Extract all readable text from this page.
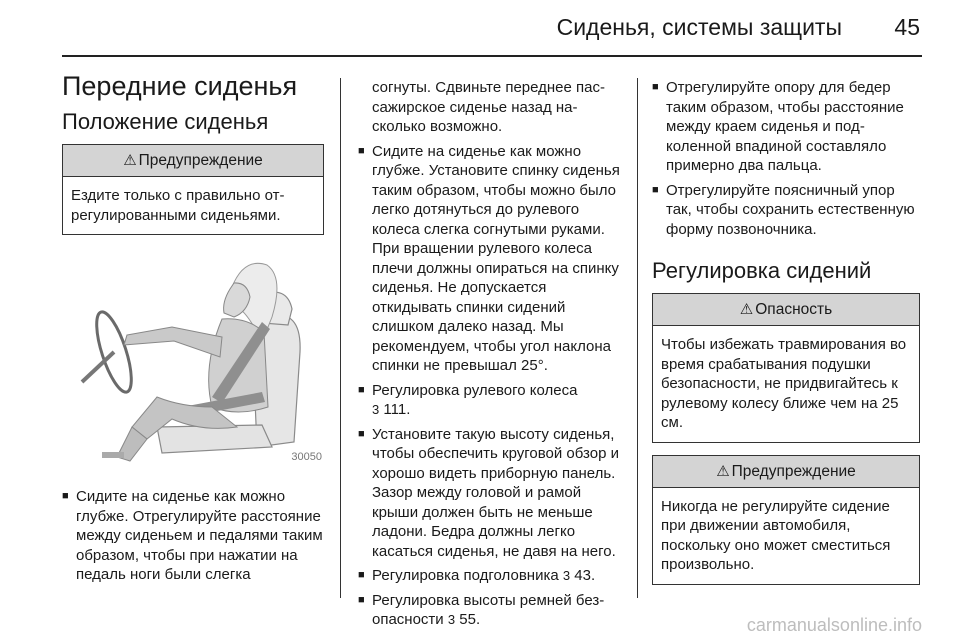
Сиденья, системы защиты 45
Передние сиденья
Положение сиденья
⚠ Предупреждение
Ездите только с правильно отрегулированными сиденьями.
30050
■ Сидите на сиденье как можно глубже. Отрегулируйте расстояние между сиденьем и педалями таким образом, чтобы при нажатии на педаль ноги были слегка
согнуты. Сдвиньте переднее пассажирское сиденье назад насколько возможно.
■ Сидите на сиденье как можно глубже. Установите спинку сиденья таким образом, чтобы можно было легко дотянуться до рулевого колеса слегка согнутыми руками. При вращении рулевого колеса плечи должны опираться на спинку сиденья. Не допускается откидывать спинки сидений слишком далеко назад. Мы рекомендуем, чтобы угол наклона спинки не превышал 25°.
■ Регулировка рулевого колеса
3 111.
■ Установите такую высоту сиденья, чтобы обеспечить круговой обзор и хорошо видеть приборную панель. Зазор между головой и рамой крыши должен быть не меньше ладони. Бедра должны легко касаться сиденья, не давя на него.
■ Регулировка подголовника 3 43.
■ Регулировка высоты ремней безопасности 3 55.
■ Отрегулируйте опору для бедер таким образом, чтобы расстояние между краем сиденья и подколенной впадиной составляло примерно два пальца.
■ Отрегулируйте поясничный упор так, чтобы сохранить естественную форму позвоночника.
Регулировка сидений
⚠ Опасность
Чтобы избежать травмирования во время срабатывания подушки безопасности, не придвигайтесь к рулевому колесу ближе чем на 25 см.
⚠ Предупреждение
Никогда не регулируйте сидение при движении автомобиля, поскольку оно может сместиться произвольно.
carmanualsonline.info
